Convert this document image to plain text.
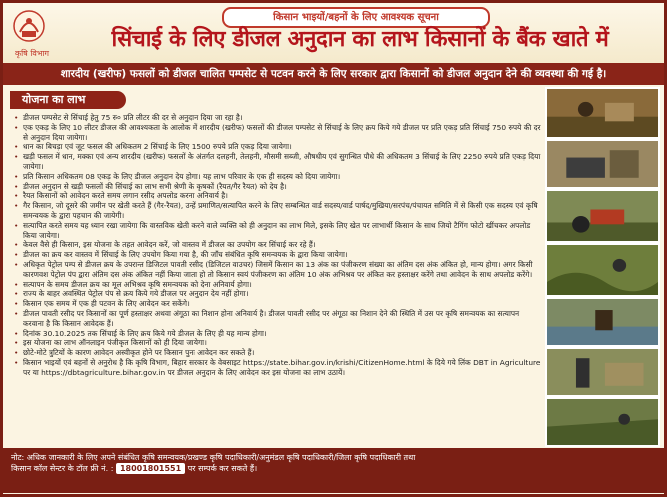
कृषि विभाग
किसान भाइयों/बहनों के लिए आवश्यक सूचना
सिंचाई के लिए डीजल अनुदान का लाभ किसानों के बैंक खाते में
शारदीय (खरीफ) फसलों को डीजल चालित पम्पसेट से पटवन करने के लिए सरकार द्वारा किसानों को डीजल अनुदान देने की व्यवस्था की गई है।
योजना का लाभ
• डीजल पम्पसेट से सिंचाई हेतु 75 रु० प्रति लीटर की दर से अनुदान दिया जा रहा है।
• एक एकड़ के लिए 10 लीटर डीजल की आवश्यकता के आलोक में शारदीय (खरीफ) फसलों की डीजल पम्पसेट से सिंचाई के लिए क्रय किये गये डीजल पर प्रति एकड़ प्रति सिंचाई 750 रुपये की दर से अनुदान दिया जायेगा।
• धान का बिचड़ा एवं जूट फसल की अधिकतम 2 सिंचाई के लिए 1500 रुपये प्रति एकड़ दिया जायेगा।
• खड़ी फसल में धान, मक्का एवं अन्य शारदीय (खरीफ) फसलों के अंतर्गत दलहनी, तेलहनी, मौसमी सब्जी, औषधीय एवं सुगन्धित पौधे की अधिकतम 3 सिंचाई के लिए 2250 रुपये प्रति एकड़ दिया जायेगा।
• प्रति किसान अधिकतम 08 एकड़ के लिए डीजल अनुदान देय होगा। यह लाभ परिवार के एक ही सदस्य को दिया जायेगा।
• डीजल अनुदान से खड़ी फसलों की सिंचाई का लाभ सभी श्रेणी के कृषकों (रैयत/गैर रैयत) को देय है।
• रैयत किसानों को आवेदन करते समय लगान रसीद अपलोड करना अनिवार्य है।
• गैर किसान, जो दूसरे की जमीन पर खेती करते हैं (गैर-रैयत), उन्हें प्रमाणित/सत्यापित करने के लिए सम्बन्धित वार्ड सदस्य/वार्ड पार्षद/मुखिया/सरपंच/पंचायत समिति में से किसी एक सदस्य एवं कृषि समन्वयक के द्वारा पहचान की जायेगी।
• सत्यापित करते समय यह ध्यान रखा जायेगा कि वास्तविक खेती करने वाले व्यक्ति को ही अनुदान का लाभ मिले, इसके लिए खेत पर लाभार्थी किसान के साथ जियो टैगिंग फोटो खींचकर अपलोड किया जायेगा।
• केवल वैसे ही किसान, इस योजना के तहत आवेदन करें, जो वास्तव में डीजल का उपयोग कर सिंचाई कर रहे हैं।
• डीजल का क्रय कर वास्तव में सिंचाई के लिए उपयोग किया गया है, की जाँच संबंधित कृषि समन्वयक के द्वारा किया जायेगा।
• अधिकृत पेट्रोल पम्प से डीजल क्रय के उपरान्त डिजिटल पावती रसीद (डिजिटल वाउचर) जिसमें किसान का 13 अंक का पंजीकरण संख्या का अंतिम दस अंक अंकित हो, मान्य होगा। अगर किसी कारणवश पेट्रोल पंप द्वारा अंतिम दस अंक अंकित नहीं किया जाता हो तो किसान स्वयं पंजीकरण का अंतिम 10 अंक अभिश्रव पर अंकित कर हस्ताक्षर करेंगे तथा आवेदन के साथ अपलोड करेंगे।
• सत्यापन के समय डीजल क्रय का मूल अभिश्रव कृषि समन्वयक को देना अनिवार्य होगा।
• राज्य के बाहर अवस्थित पेट्रोल पंप से क्रय किये गये डीजल पर अनुदान देय नहीं होगा।
• किसान एक समय में एक ही पटवन के लिए आवेदन कर सकेंगे।
• डीजल पावती रसीद पर किसानों का पूर्ण हस्ताक्षर अथवा अंगूठा का निशान होना अनिवार्य है। डीजल पावती रसीद पर अंगूठा का निशान देने की स्थिति में उस पर कृषि समन्वयक का सत्यापन करवाना है कि किसान आवेदक हैं।
• दिनांक 30.10.2025 तक सिंचाई के लिए क्रय किये गये डीजल के लिए ही यह मान्य होगा।
• इस योजना का लाभ ऑनलाइन पंजीकृत किसानों को ही दिया जायेगा।
• छोटे-मोटे त्रुटियों के कारण आवेदन अस्वीकृत होने पर किसान पुनः आवेदन कर सकते हैं।
• किसान भाइयों एवं बहनों से अनुरोध है कि कृषि विभाग, बिहार सरकार के वेबसाइट https://state.bihar.gov.in/krishi/CitizenHome.html के दिये गये लिंक DBT in Agriculture पर या https://dbtagriculture.bihar.gov.in पर डीजल अनुदान के लिए आवेदन कर इस योजना का लाभ उठायें।
नोट: अधिक जानकारी के लिए अपने संबंधित कृषि समन्वयक/प्रखण्ड कृषि पदाधिकारी/अनुमंडल कृषि पदाधिकारी/जिला कृषि पदाधिकारी तथा
किसान कॉल सेन्टर के टॉल फ्री नं. : 18001801551 पर सम्पर्क कर सकते हैं।
